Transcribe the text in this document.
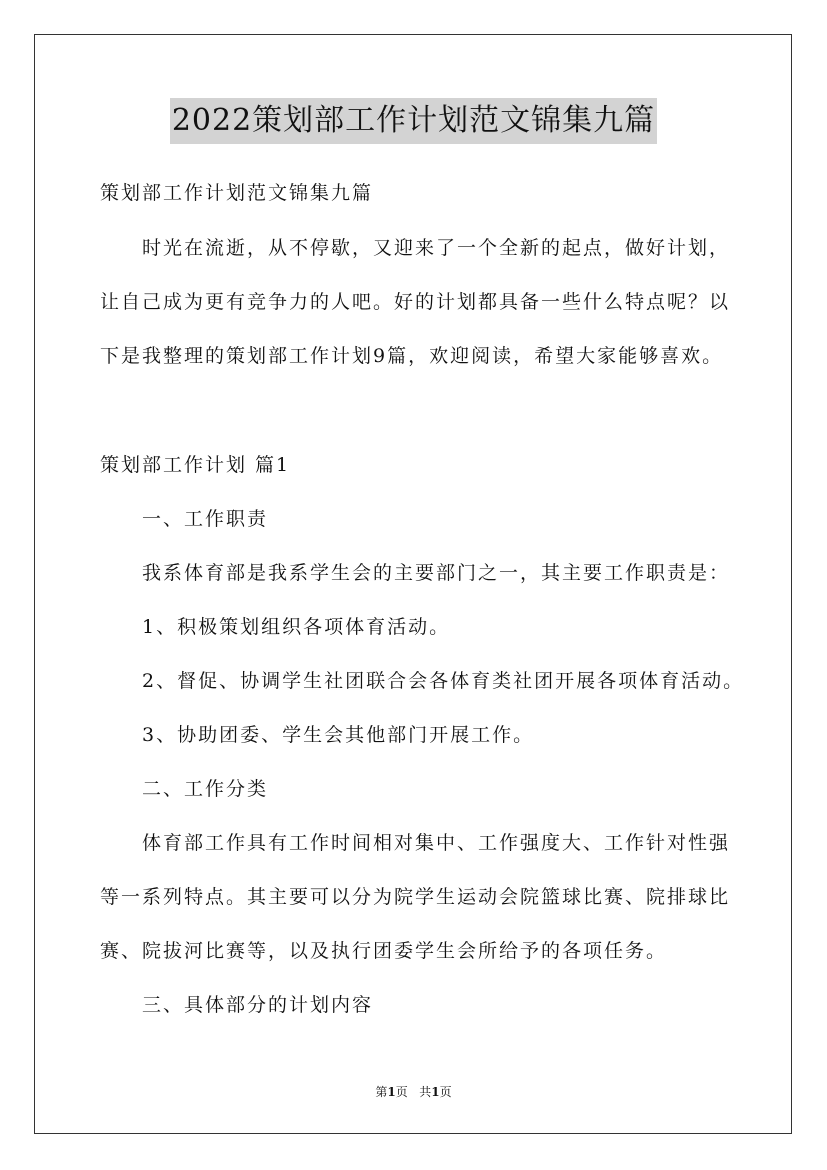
2022策划部工作计划范文锦集九篇
策划部工作计划范文锦集九篇
时光在流逝，从不停歇，又迎来了一个全新的起点，做好计划，
让自己成为更有竞争力的人吧。好的计划都具备一些什么特点呢？以
下是我整理的策划部工作计划9篇，欢迎阅读，希望大家能够喜欢。
策划部工作计划 篇1
一、工作职责
我系体育部是我系学生会的主要部门之一，其主要工作职责是：
1、积极策划组织各项体育活动。
2、督促、协调学生社团联合会各体育类社团开展各项体育活动。
3、协助团委、学生会其他部门开展工作。
二、工作分类
体育部工作具有工作时间相对集中、工作强度大、工作针对性强
等一系列特点。其主要可以分为院学生运动会院篮球比赛、院排球比
赛、院拔河比赛等，以及执行团委学生会所给予的各项任务。
三、具体部分的计划内容
第1页 共1页
